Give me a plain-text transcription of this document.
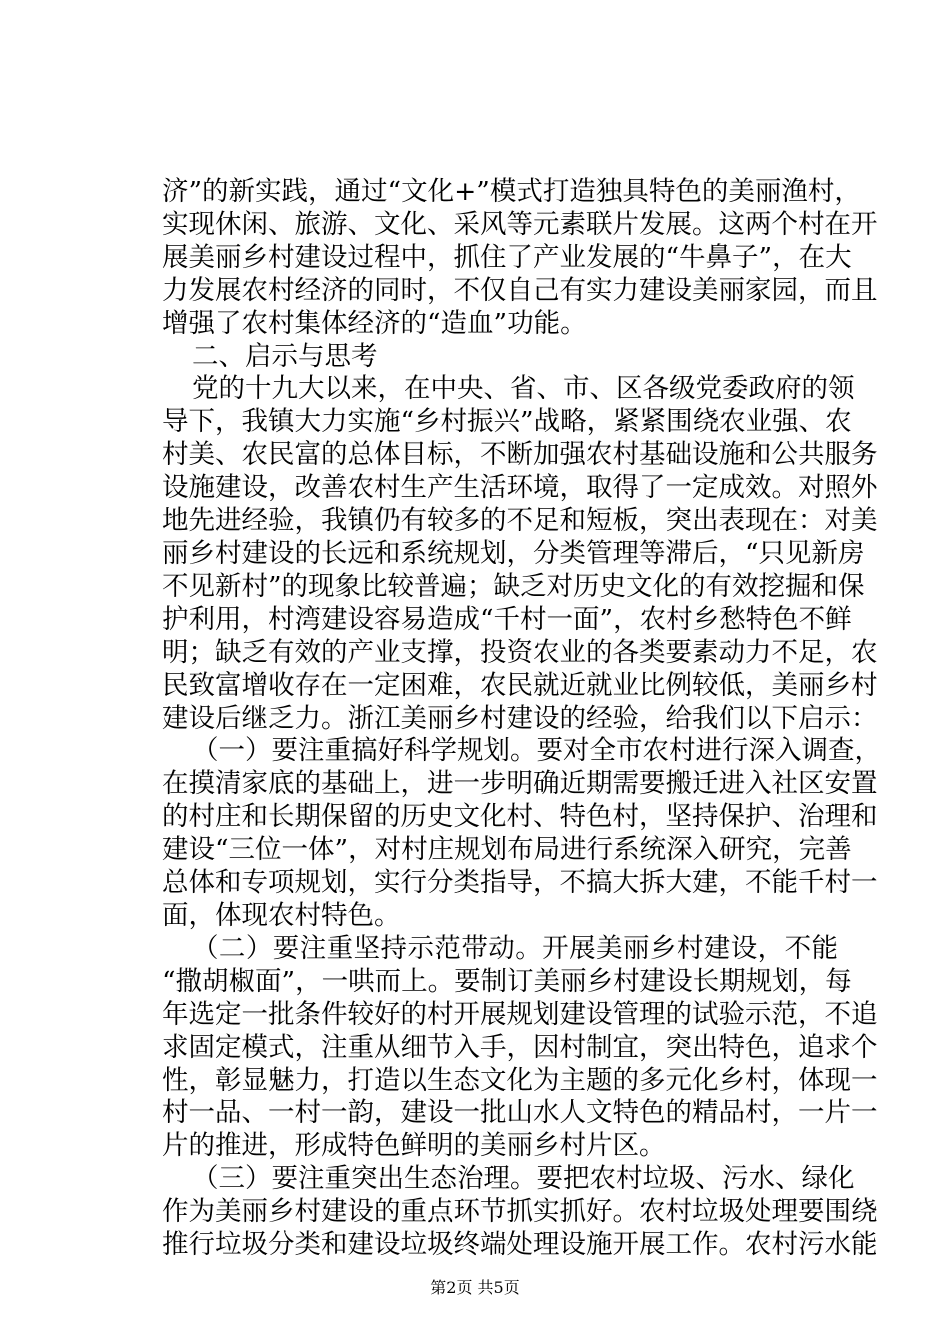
济”的新实践，通过“文化+”模式打造独具特色的美丽渔村，
实现休闲、旅游、文化、采风等元素联片发展。这两个村在开
展美丽乡村建设过程中，抓住了产业发展的“牛鼻子”，在大
力发展农村经济的同时，不仅自己有实力建设美丽家园，而且
增强了农村集体经济的“造血”功能。
二、启示与思考
党的十九大以来，在中央、省、市、区各级党委政府的领
导下，我镇大力实施“乡村振兴”战略，紧紧围绕农业强、农
村美、农民富的总体目标，不断加强农村基础设施和公共服务
设施建设，改善农村生产生活环境，取得了一定成效。对照外
地先进经验，我镇仍有较多的不足和短板，突出表现在：对美
丽乡村建设的长远和系统规划，分类管理等滞后，“只见新房
不见新村”的现象比较普遍；缺乏对历史文化的有效挖掘和保
护利用，村湾建设容易造成“千村一面”，农村乡愁特色不鲜
明；缺乏有效的产业支撑，投资农业的各类要素动力不足，农
民致富增收存在一定困难，农民就近就业比例较低，美丽乡村
建设后继乏力。浙江美丽乡村建设的经验，给我们以下启示：
（一）要注重搞好科学规划。要对全市农村进行深入调查，
在摸清家底的基础上，进一步明确近期需要搬迁进入社区安置
的村庄和长期保留的历史文化村、特色村，坚持保护、治理和
建设“三位一体”，对村庄规划布局进行系统深入研究，完善
总体和专项规划，实行分类指导，不搞大拆大建，不能千村一
面，体现农村特色。
（二）要注重坚持示范带动。开展美丽乡村建设，不能
“撒胡椒面”，一哄而上。要制订美丽乡村建设长期规划，每
年选定一批条件较好的村开展规划建设管理的试验示范，不追
求固定模式，注重从细节入手，因村制宜，突出特色，追求个
性，彰显魅力，打造以生态文化为主题的多元化乡村，体现一
村一品、一村一韵，建设一批山水人文特色的精品村，一片一
片的推进，形成特色鲜明的美丽乡村片区。
（三）要注重突出生态治理。要把农村垃圾、污水、绿化
作为美丽乡村建设的重点环节抓实抓好。农村垃圾处理要围绕
推行垃圾分类和建设垃圾终端处理设施开展工作。农村污水能
第2页 共5页
